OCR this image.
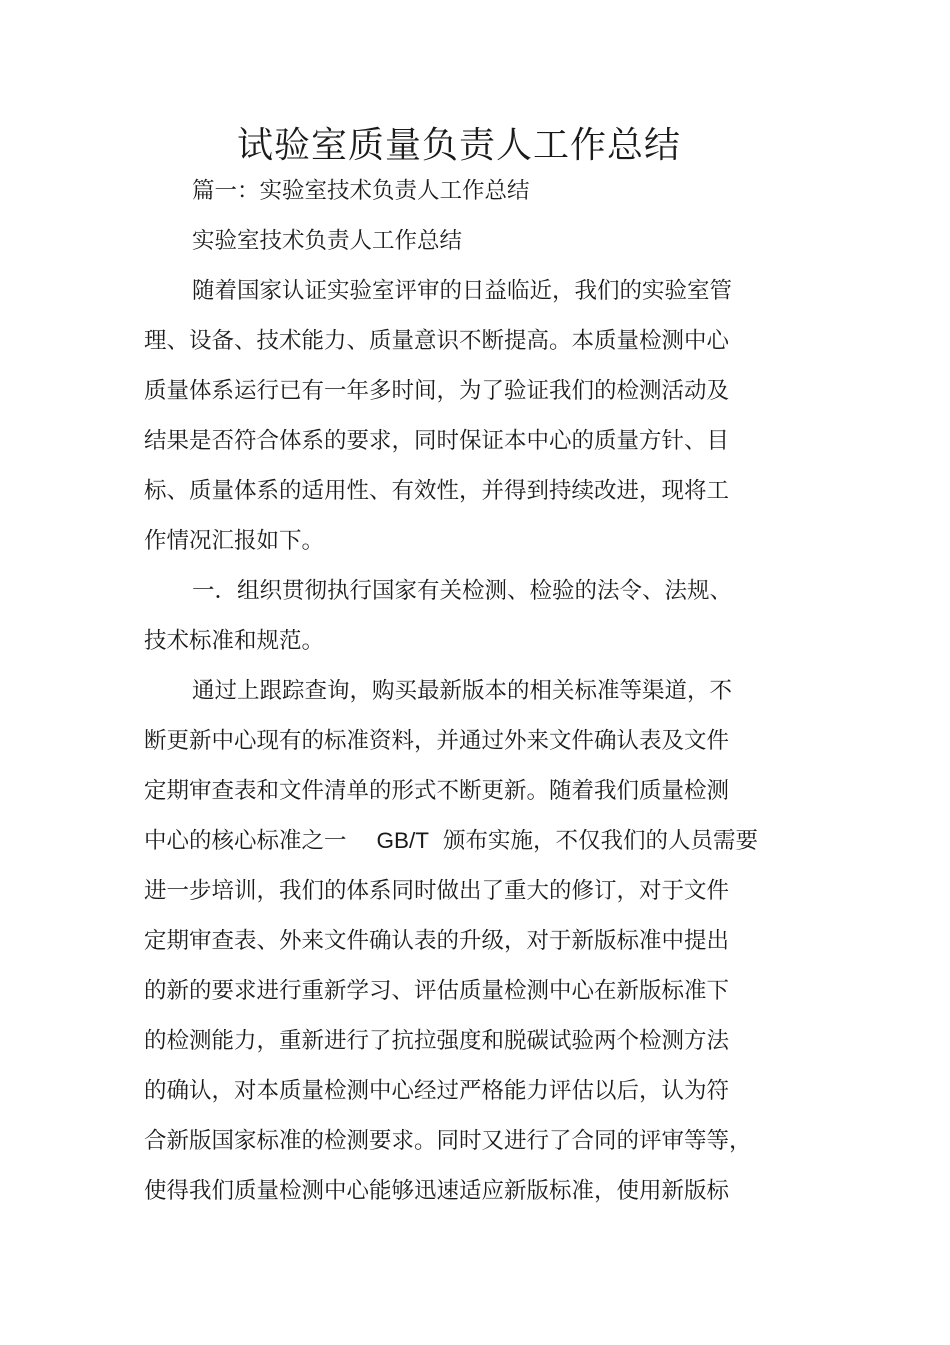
试验室质量负责人工作总结

篇一：实验室技术负责人工作总结

实验室技术负责人工作总结

随着国家认证实验室评审的日益临近，我们的实验室管

理、设备、技术能力、质量意识不断提高。本质量检测中心

质量体系运行已有一年多时间，为了验证我们的检测活动及

结果是否符合体系的要求，同时保证本中心的质量方针、目

标、质量体系的适用性、有效性，并得到持续改进，现将工

作情况汇报如下。

一．组织贯彻执行国家有关检测、检验的法令、法规、

技术标准和规范。

通过上跟踪查询，购买最新版本的相关标准等渠道，不

断更新中心现有的标准资料，并通过外来文件确认表及文件

定期审查表和文件清单的形式不断更新。随着我们质量检测

中心的核心标准之一 GB/T 颁布实施，不仅我们的人员需要

进一步培训，我们的体系同时做出了重大的修订，对于文件

定期审查表、外来文件确认表的升级，对于新版标准中提出

的新的要求进行重新学习、评估质量检测中心在新版标准下

的检测能力，重新进行了抗拉强度和脱碳试验两个检测方法

的确认，对本质量检测中心经过严格能力评估以后，认为符

合新版国家标准的检测要求。同时又进行了合同的评审等等，

使得我们质量检测中心能够迅速适应新版标准，使用新版标
